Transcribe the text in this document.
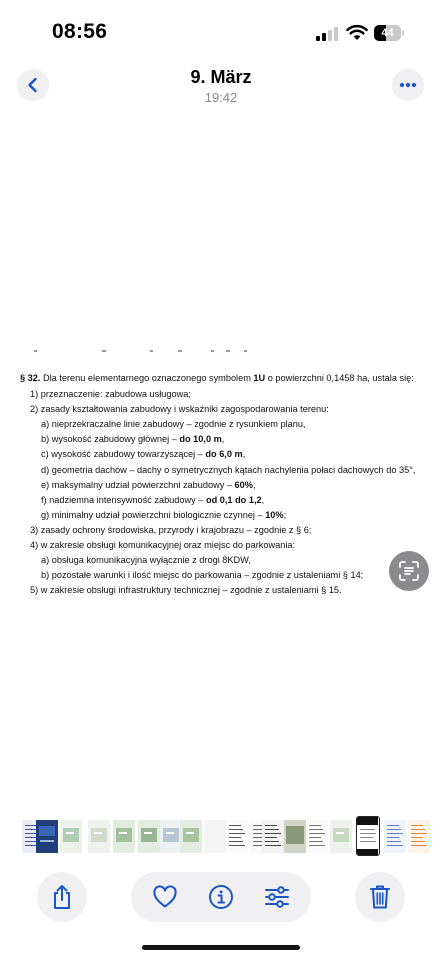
08:56	44
9. März
19:42
§ 32. Dla terenu elementarnego oznaczonego symbolem 1U o powierzchni 0,1458 ha, ustala się:
1) przeznaczenie: zabudowa usługowa;
2) zasady kształtowania zabudowy i wskaźniki zagospodarowania terenu:
a) nieprzekraczalne linie zabudowy – zgodnie z rysunkiem planu,
b) wysokość zabudowy głównej – do 10,0 m,
c) wysokość zabudowy towarzyszącej – do 6,0 m,
d) geometria dachów – dachy o symetrycznych kątach nachylenia połaci dachowych do 35°,
e) maksymalny udział powierzchni zabudowy – 60%,
f) nadziemna intensywność zabudowy – od 0,1 do 1,2,
g) minimalny udział powierzchni biologicznie czynnej – 10%;
3) zasady ochrony środowiska, przyrody i krajobrazu – zgodnie z § 6;
4) w zakresie obsługi komunikacyjnej oraz miejsc do parkowania:
a) obsługa komunikacyjna wyłącznie z drogi 8KDW,
b) pozostałe warunki i ilość miejsc do parkowania – zgodnie z ustaleniami § 14;
5) w zakresie obsługi infrastruktury technicznej – zgodnie z ustaleniami § 15.
